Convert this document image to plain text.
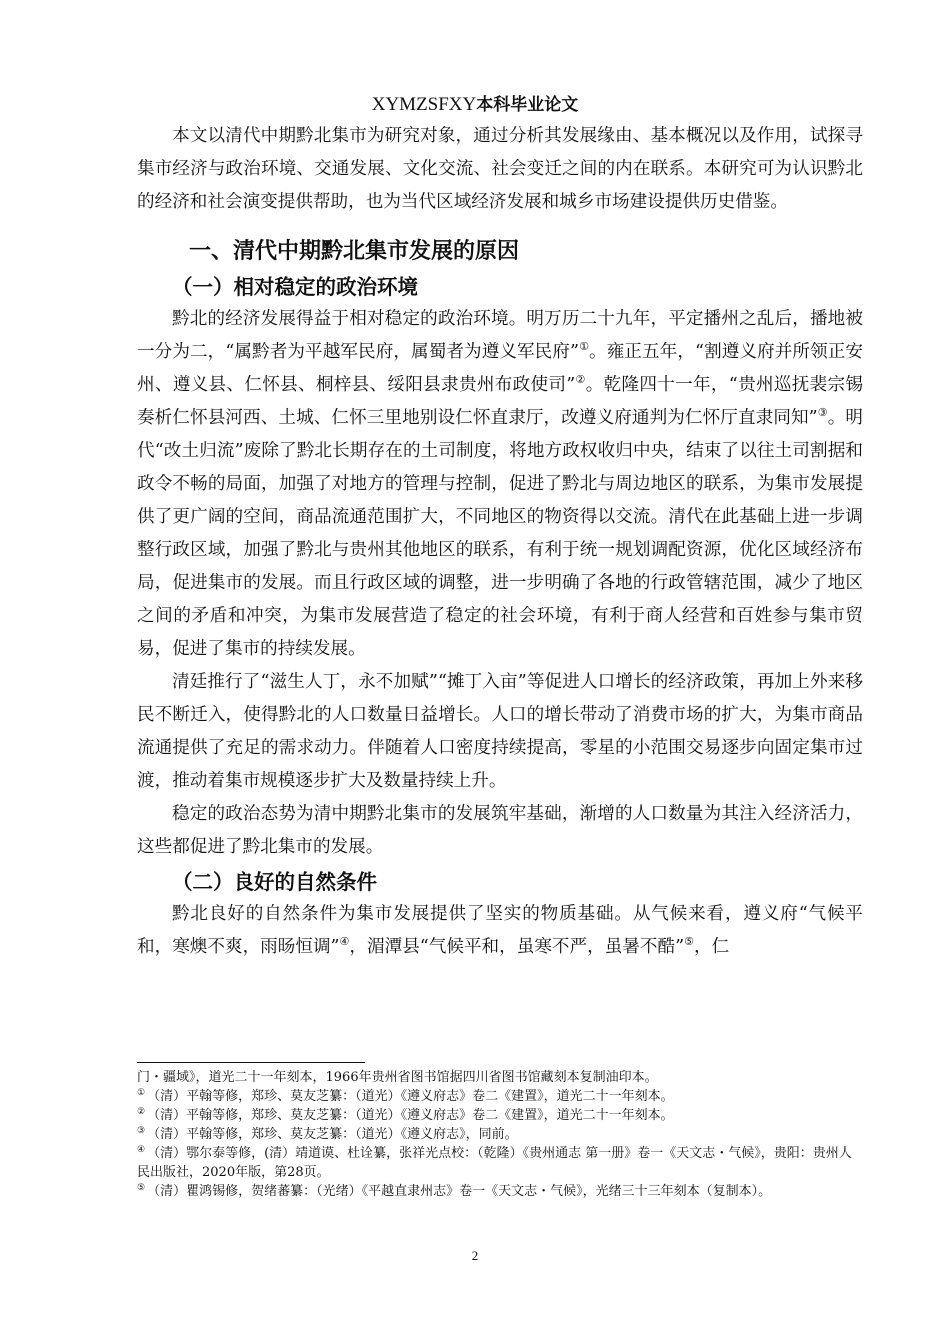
XYMZSFXY本科毕业论文

本文以清代中期黔北集市为研究对象，通过分析其发展缘由、基本概况以及作用，试探寻集市经济与政治环境、交通发展、文化交流、社会变迁之间的内在联系。本研究可为认识黔北的经济和社会演变提供帮助，也为当代区域经济发展和城乡市场建设提供历史借鉴。

一、清代中期黔北集市发展的原因
（一）相对稳定的政治环境

黔北的经济发展得益于相对稳定的政治环境。明万历二十九年，平定播州之乱后，播地被一分为二，“属黔者为平越军民府，属蜀者为遵义军民府”①。雍正五年，“割遵义府并所领正安州、遵义县、仁怀县、桐梓县、绥阳县隶贵州布政使司”②。乾隆四十一年，“贵州巡抚裴宗锡奏析仁怀县河西、土城、仁怀三里地别设仁怀直隶厅，改遵义府通判为仁怀厅直隶同知”③。明代“改土归流”废除了黔北长期存在的土司制度，将地方政权收归中央，结束了以往土司割据和政令不畅的局面，加强了对地方的管理与控制，促进了黔北与周边地区的联系，为集市发展提供了更广阔的空间，商品流通范围扩大，不同地区的物资得以交流。清代在此基础上进一步调整行政区域，加强了黔北与贵州其他地区的联系，有利于统一规划调配资源，优化区域经济布局，促进集市的发展。而且行政区域的调整，进一步明确了各地的行政管辖范围，减少了地区之间的矛盾和冲突，为集市发展营造了稳定的社会环境，有利于商人经营和百姓参与集市贸易，促进了集市的持续发展。

清廷推行了“滋生人丁，永不加赋”“摊丁入亩”等促进人口增长的经济政策，再加上外来移民不断迁入，使得黔北的人口数量日益增长。人口的增长带动了消费市场的扩大，为集市商品流通提供了充足的需求动力。伴随着人口密度持续提高，零星的小范围交易逐步向固定集市过渡，推动着集市规模逐步扩大及数量持续上升。

稳定的政治态势为清中期黔北集市的发展筑牢基础，渐增的人口数量为其注入经济活力，这些都促进了黔北集市的发展。

（二）良好的自然条件

黔北良好的自然条件为集市发展提供了坚实的物质基础。从气候来看，遵义府“气候平和，寒燠不爽，雨旸恒调”④，湄潭县“气候平和，虽寒不严，虽暑不酷”⑤，仁

门・疆域》，道光二十一年刻本，1966年贵州省图书馆据四川省图书馆藏刻本复制油印本。

① （清）平翰等修，郑珍、莫友芝纂：（道光）《遵义府志》卷二《建置》，道光二十一年刻本。

② （清）平翰等修，郑珍、莫友芝纂：（道光）《遵义府志》卷二《建置》，道光二十一年刻本。

③ （清）平翰等修，郑珍、莫友芝纂：（道光）《遵义府志》，同前。

④ （清）鄂尔泰等修，(清）靖道谟、杜诠纂，张祥光点校：（乾隆）《贵州通志 第一册》卷一《天文志・气候》，贵阳：贵州人民出版社，2020年版，第28页。

⑤ （清）瞿鸿锡修，贺绪蕃纂：（光绪）《平越直隶州志》卷一《天文志・气候》，光绪三十三年刻本（复制本）。

2
